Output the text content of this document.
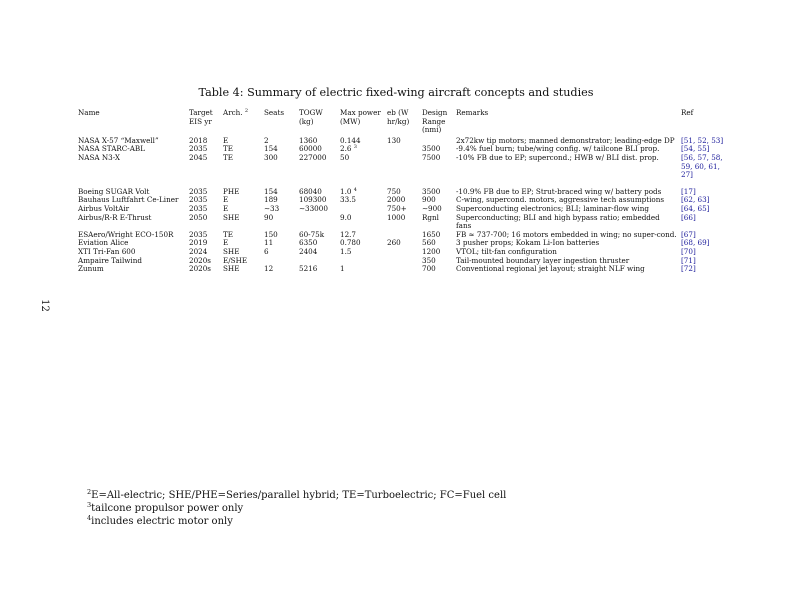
12
Table 4: Summary of electric fixed-wing aircraft concepts and studies
Name	Target EIS yr	Arch. $^2$	Seats	TOGW (kg)	Max power (MW)	eb (W hr/kg)	Design Range (nmi)	Remarks	Ref
NASA X-57 “Maxwell”	2018	E	2	1360	0.144	130		2x72kw tip motors; manned demonstrator; leading-edge DP	[51, 52, 53]
NASA STARC-ABL	2035	TE	154	60000	2.6 $^3$		3500	-9.4% fuel burn; tube/wing config. w/ tailcone BLI prop.	[54, 55]
NASA N3-X	2045	TE	300	227000	50		7500	-10% FB due to EP; supercond.; HWB w/ BLI dist. prop.	[56, 57, 58, 59, 60, 61, 27]
Boeing SUGAR Volt	2035	PHE	154	68040	1.0 $^4$	750	3500	-10.9% FB due to EP; Strut-braced wing w/ battery pods	[17]
Bauhaus Luftfahrt Ce-Liner	2035	E	189	109300	33.5	2000	900	C-wing, supercond. motors, aggressive tech assumptions	[62, 63]
Airbus VoltAir	2035	E	∼33	∼33000		750+	∼900	Superconducting electronics; BLI; laminar-flow wing	[64, 65]
Airbus/R-R E-Thrust	2050	SHE	90		9.0	1000	Rgnl	Superconducting; BLI and high bypass ratio; embedded fans	[66]
ESAero/Wright ECO-150R	2035	TE	150	60-75k	12.7		1650	FB ≈ 737-700; 16 motors embedded in wing; no super-cond.	[67]
Eviation Alice	2019	E	11	6350	0.780	260	560	3 pusher props; Kokam Li-Ion batteries	[68, 69]
XTI Tri-Fan 600	2024	SHE	6	2404	1.5		1200	VTOL; tilt-fan configuration	[70]
Ampaire Tailwind	2020s	E/SHE					350	Tail-mounted boundary layer ingestion thruster	[71]
Zunum	2020s	SHE	12	5216	1		700	Conventional regional jet layout; straight NLF wing	[72]
$^2$E=All-electric; SHE/PHE=Series/parallel hybrid; TE=Turboelectric; FC=Fuel cell
$^3$tailcone propulsor power only
$^4$includes electric motor only
